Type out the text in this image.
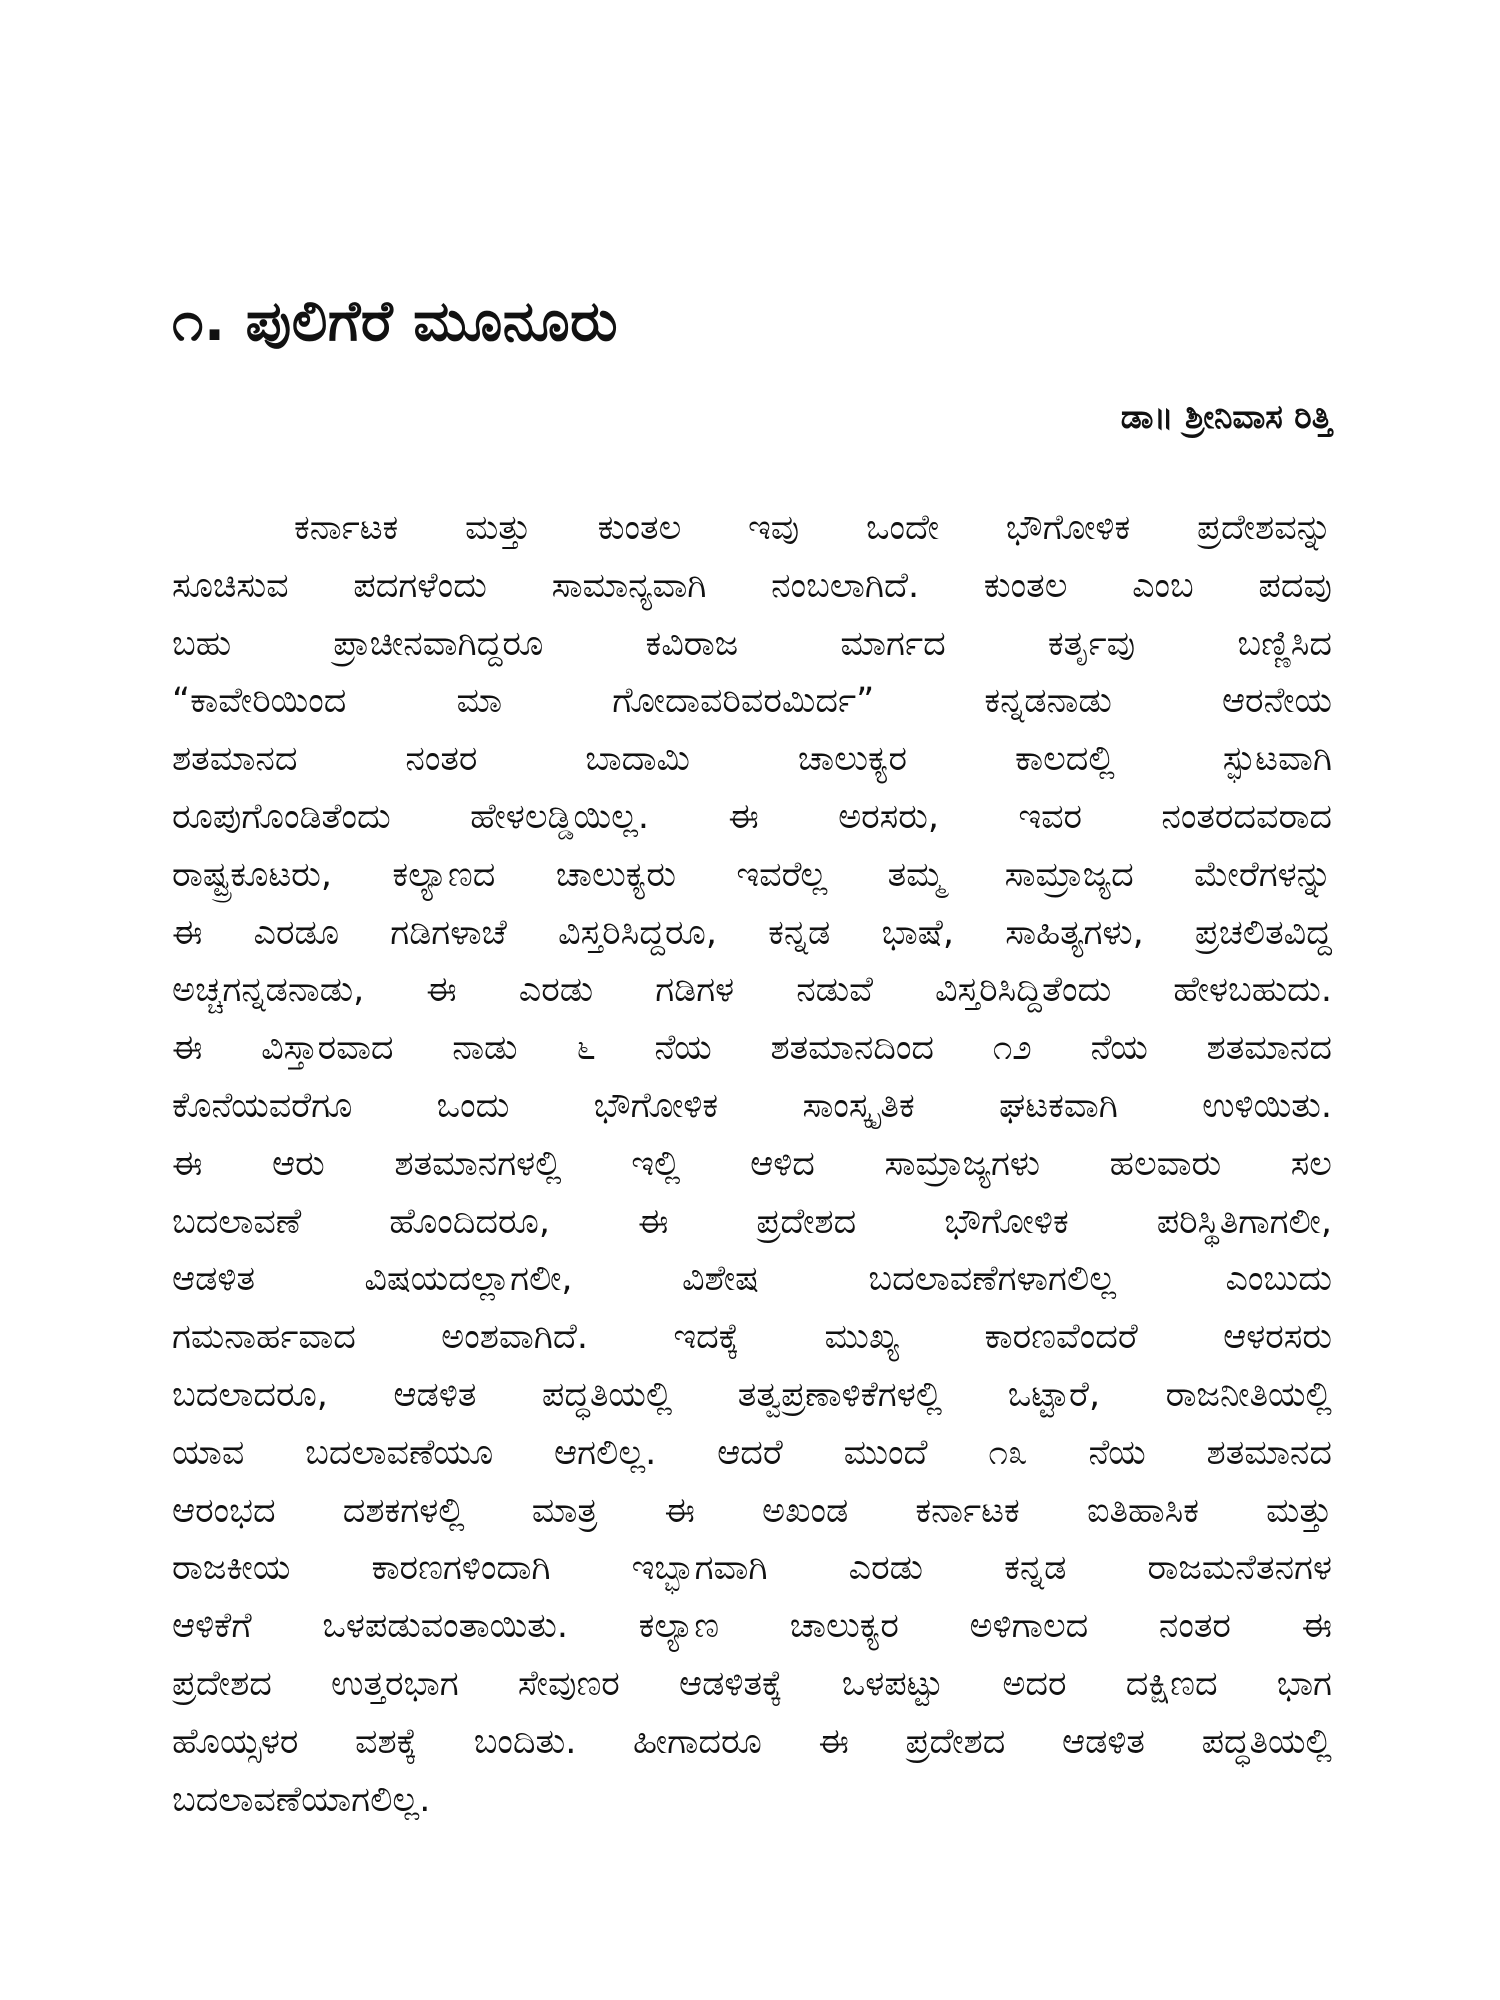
೧. ಪುಲಿಗೆರೆ ಮೂನೂರು

ಡಾ॥ ಶ್ರೀನಿವಾಸ ರಿತ್ತಿ

ಕರ್ನಾಟಕ ಮತ್ತು ಕುಂತಲ ಇವು ಒಂದೇ ಭೌಗೋಳಿಕ ಪ್ರದೇಶವನ್ನು
ಸೂಚಿಸುವ ಪದಗಳೆಂದು ಸಾಮಾನ್ಯವಾಗಿ ನಂಬಲಾಗಿದೆ. ಕುಂತಲ ಎಂಬ ಪದವು
ಬಹು ಪ್ರಾಚೀನವಾಗಿದ್ದರೂ ಕವಿರಾಜ ಮಾರ್ಗದ ಕರ್ತೃವು ಬಣ್ಣಿಸಿದ
“ಕಾವೇರಿಯಿಂದ ಮಾ ಗೋದಾವರಿವರಮಿರ್ದ” ಕನ್ನಡನಾಡು ಆರನೇಯ
ಶತಮಾನದ ನಂತರ ಬಾದಾಮಿ ಚಾಲುಕ್ಯರ ಕಾಲದಲ್ಲಿ ಸ್ಫುಟವಾಗಿ
ರೂಪುಗೊಂಡಿತೆಂದು ಹೇಳಲಡ್ಡಿಯಿಲ್ಲ. ಈ ಅರಸರು, ಇವರ ನಂತರದವರಾದ
ರಾಷ್ಟ್ರಕೂಟರು, ಕಲ್ಯಾಣದ ಚಾಲುಕ್ಯರು ಇವರೆಲ್ಲ ತಮ್ಮ ಸಾಮ್ರಾಜ್ಯದ ಮೇರೆಗಳನ್ನು
ಈ ಎರಡೂ ಗಡಿಗಳಾಚೆ ವಿಸ್ತರಿಸಿದ್ದರೂ, ಕನ್ನಡ ಭಾಷೆ, ಸಾಹಿತ್ಯಗಳು, ಪ್ರಚಲಿತವಿದ್ದ
ಅಚ್ಚಗನ್ನಡನಾಡು, ಈ ಎರಡು ಗಡಿಗಳ ನಡುವೆ ವಿಸ್ತರಿಸಿದ್ದಿತೆಂದು ಹೇಳಬಹುದು.
ಈ ವಿಸ್ತಾರವಾದ ನಾಡು ೬ ನೆಯ ಶತಮಾನದಿಂದ ೧೨ ನೆಯ ಶತಮಾನದ
ಕೊನೆಯವರೆಗೂ ಒಂದು ಭೌಗೋಳಿಕ ಸಾಂಸ್ಕೃತಿಕ ಘಟಕವಾಗಿ ಉಳಿಯಿತು.
ಈ ಆರು ಶತಮಾನಗಳಲ್ಲಿ ಇಲ್ಲಿ ಆಳಿದ ಸಾಮ್ರಾಜ್ಯಗಳು ಹಲವಾರು ಸಲ
ಬದಲಾವಣೆ ಹೊಂದಿದರೂ, ಈ ಪ್ರದೇಶದ ಭೌಗೋಳಿಕ ಪರಿಸ್ಥಿತಿಗಾಗಲೀ,
ಆಡಳಿತ ವಿಷಯದಲ್ಲಾಗಲೀ, ವಿಶೇಷ ಬದಲಾವಣೆಗಳಾಗಲಿಲ್ಲ ಎಂಬುದು
ಗಮನಾರ್ಹವಾದ ಅಂಶವಾಗಿದೆ. ಇದಕ್ಕೆ ಮುಖ್ಯ ಕಾರಣವೆಂದರೆ ಆಳರಸರು
ಬದಲಾದರೂ, ಆಡಳಿತ ಪದ್ಧತಿಯಲ್ಲಿ ತತ್ವಪ್ರಣಾಳಿಕೆಗಳಲ್ಲಿ ಒಟ್ಟಾರೆ, ರಾಜನೀತಿಯಲ್ಲಿ
ಯಾವ ಬದಲಾವಣೆಯೂ ಆಗಲಿಲ್ಲ. ಆದರೆ ಮುಂದೆ ೧೩ ನೆಯ ಶತಮಾನದ
ಆರಂಭದ ದಶಕಗಳಲ್ಲಿ ಮಾತ್ರ ಈ ಅಖಂಡ ಕರ್ನಾಟಕ ಐತಿಹಾಸಿಕ ಮತ್ತು
ರಾಜಕೀಯ ಕಾರಣಗಳಿಂದಾಗಿ ಇಬ್ಭಾಗವಾಗಿ ಎರಡು ಕನ್ನಡ ರಾಜಮನೆತನಗಳ
ಆಳಿಕೆಗೆ ಒಳಪಡುವಂತಾಯಿತು. ಕಲ್ಯಾಣ ಚಾಲುಕ್ಯರ ಅಳಿಗಾಲದ ನಂತರ ಈ
ಪ್ರದೇಶದ ಉತ್ತರಭಾಗ ಸೇವುಣರ ಆಡಳಿತಕ್ಕೆ ಒಳಪಟ್ಟು ಅದರ ದಕ್ಷಿಣದ ಭಾಗ
ಹೊಯ್ಸಳರ ವಶಕ್ಕೆ ಬಂದಿತು. ಹೀಗಾದರೂ ಈ ಪ್ರದೇಶದ ಆಡಳಿತ ಪದ್ಧತಿಯಲ್ಲಿ
ಬದಲಾವಣೆಯಾಗಲಿಲ್ಲ.
